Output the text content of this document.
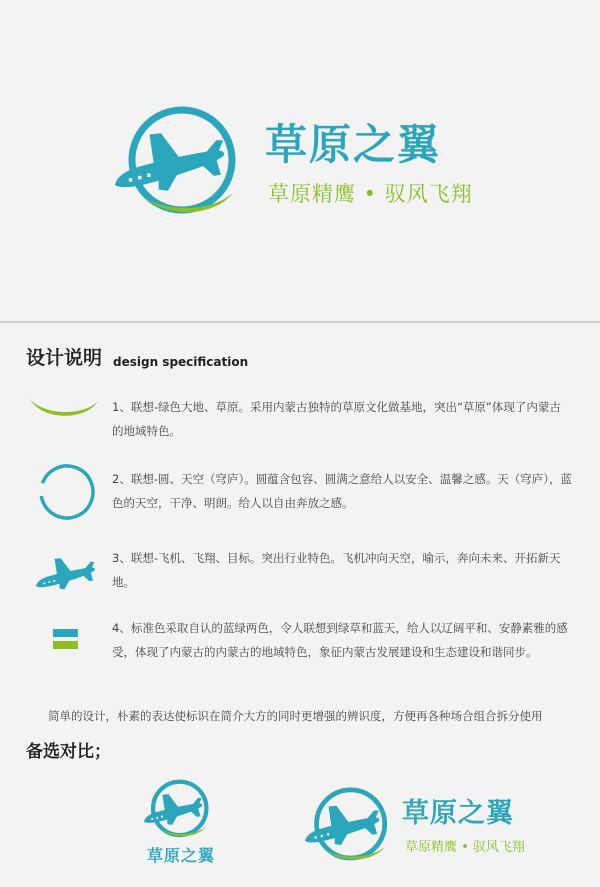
草原之翼
草原精鹰 • 驭风飞翔
设计说明 design specification
1、联想-绿色大地、草原。采用内蒙古独特的草原文化做基地，突出“草原”体现了内蒙古的地域特色。
2、联想-圆、天空（穹庐）。圆蕴含包容、圆满之意给人以安全、温馨之感。天（穹庐），蓝色的天空，干净、明朗。给人以自由奔放之感。
3、联想-飞机、飞翔、目标。突出行业特色。飞机冲向天空，喻示，奔向未来、开拓新天地。
4、标准色采取自认的蓝绿两色，令人联想到绿草和蓝天，给人以辽阔平和、安静素雅的感受，体现了内蒙古的内蒙古的地域特色，象征内蒙古发展建设和生态建设和谐同步。
简单的设计，朴素的表达使标识在简介大方的同时更增强的辨识度，方便再各种场合组合拆分使用
备选对比；
草原之翼
草原之翼
草原精鹰 • 驭风飞翔
